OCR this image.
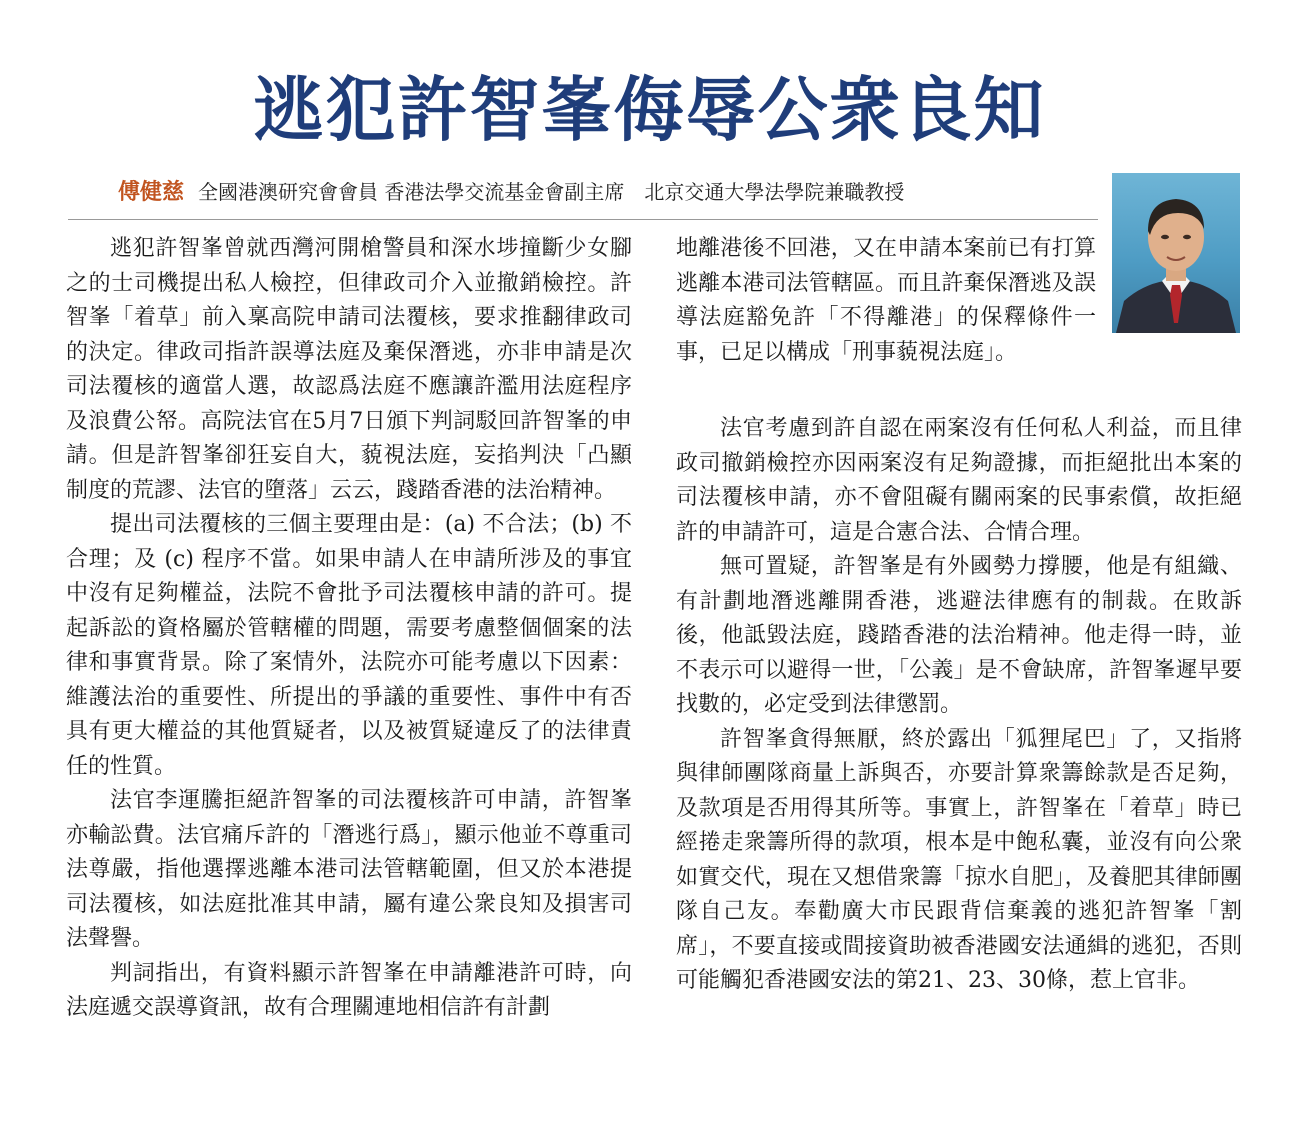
逃犯許智峯侮辱公衆良知
傅健慈 全國港澳研究會會員 香港法學交流基金會副主席　北京交通大學法學院兼職教授

逃犯許智峯曾就西灣河開槍警員和深水埗撞斷少女腳之的士司機提出私人檢控，但律政司介入並撤銷檢控。許智峯「着草」前入稟高院申請司法覆核，要求推翻律政司的決定。律政司指許誤導法庭及棄保潛逃，亦非申請是次司法覆核的適當人選，故認爲法庭不應讓許濫用法庭程序及浪費公帑。高院法官在5月7日頒下判詞駁回許智峯的申請。但是許智峯卻狂妄自大，藐視法庭，妄掐判決「凸顯制度的荒謬、法官的墮落」云云，踐踏香港的法治精神。

提出司法覆核的三個主要理由是：(a) 不合法；(b) 不合理；及 (c) 程序不當。如果申請人在申請所涉及的事宜中沒有足夠權益，法院不會批予司法覆核申請的許可。提起訴訟的資格屬於管轄權的問題，需要考慮整個個案的法律和事實背景。除了案情外，法院亦可能考慮以下因素：維護法治的重要性、所提出的爭議的重要性、事件中有否具有更大權益的其他質疑者，以及被質疑違反了的法律責任的性質。

法官李運騰拒絕許智峯的司法覆核許可申請，許智峯亦輸訟費。法官痛斥許的「潛逃行爲」，顯示他並不尊重司法尊嚴，指他選擇逃離本港司法管轄範圍，但又於本港提司法覆核，如法庭批准其申請，屬有違公衆良知及損害司法聲譽。

判詞指出，有資料顯示許智峯在申請離港許可時，向法庭遞交誤導資訊，故有合理關連地相信許有計劃

地離港後不回港，又在申請本案前已有打算逃離本港司法管轄區。而且許棄保潛逃及誤導法庭豁免許「不得離港」的保釋條件一事，已足以構成「刑事藐視法庭」。

法官考慮到許自認在兩案沒有任何私人利益，而且律政司撤銷檢控亦因兩案沒有足夠證據，而拒絕批出本案的司法覆核申請，亦不會阻礙有關兩案的民事索償，故拒絕許的申請許可，這是合憲合法、合情合理。

無可置疑，許智峯是有外國勢力撐腰，他是有組織、有計劃地潛逃離開香港，逃避法律應有的制裁。在敗訴後，他詆毀法庭，踐踏香港的法治精神。他走得一時，並不表示可以避得一世，「公義」是不會缺席，許智峯遲早要找數的，必定受到法律懲罰。

許智峯貪得無厭，終於露出「狐狸尾巴」了，又指將與律師團隊商量上訴與否，亦要計算衆籌餘款是否足夠，及款項是否用得其所等。事實上，許智峯在「着草」時已經捲走衆籌所得的款項，根本是中飽私囊，並沒有向公衆如實交代，現在又想借衆籌「掠水自肥」，及養肥其律師團隊自己友。奉勸廣大市民跟背信棄義的逃犯許智峯「割席」，不要直接或間接資助被香港國安法通緝的逃犯，否則可能觸犯香港國安法的第21、23、30條，惹上官非。
